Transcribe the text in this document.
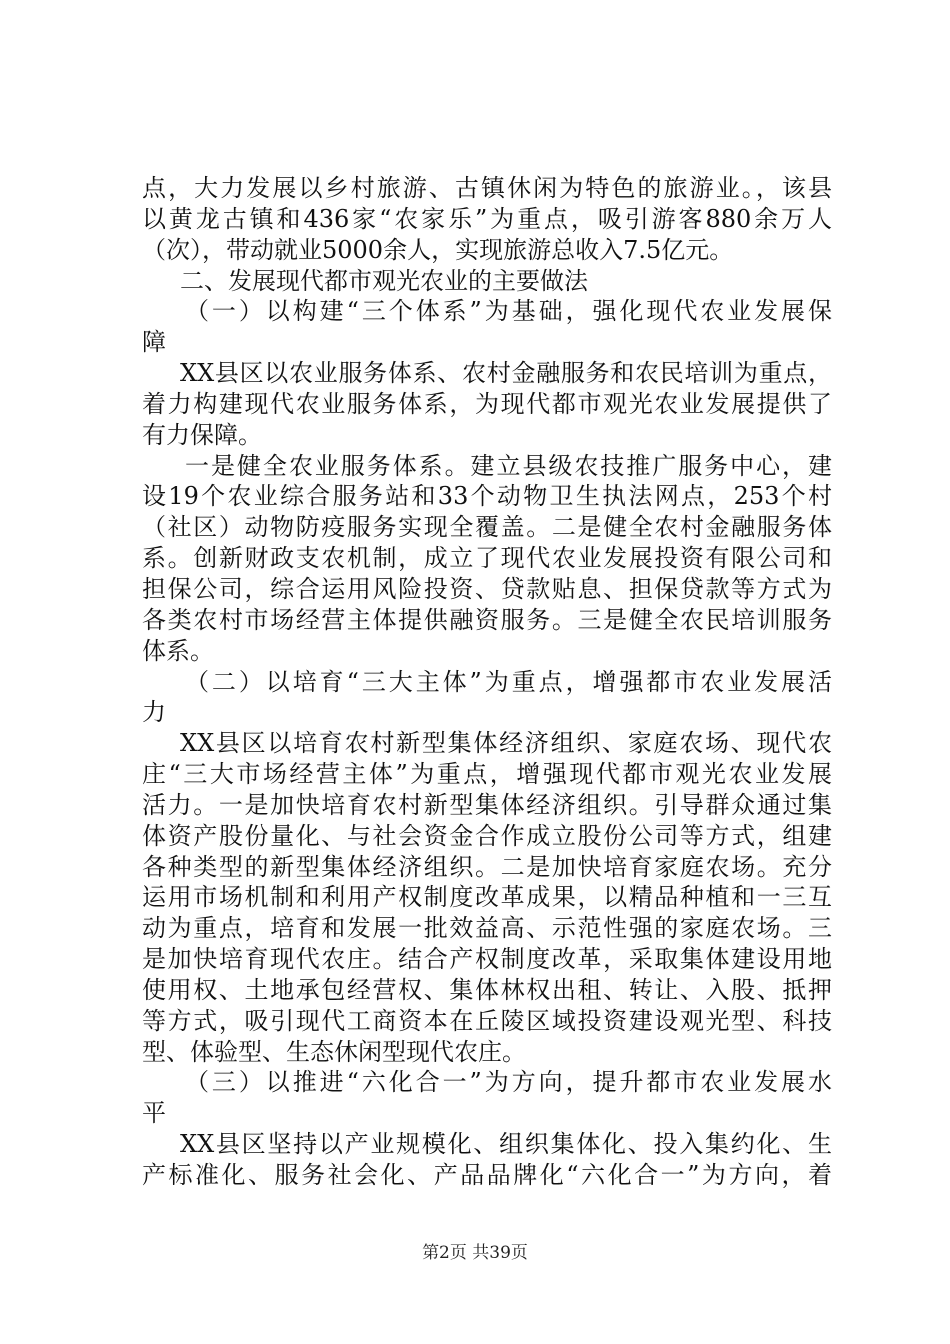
第2页 共39页
点，大力发展以乡村旅游、古镇休闲为特色的旅游业。，该县
以黄龙古镇和436家“农家乐”为重点，吸引游客880余万人
（次），带动就业5000余人，实现旅游总收入7.5亿元。
二、发展现代都市观光农业的主要做法
（一）以构建“三个体系”为基础，强化现代农业发展保
障
XX县区以农业服务体系、农村金融服务和农民培训为重点，
着力构建现代农业服务体系，为现代都市观光农业发展提供了
有力保障。
一是健全农业服务体系。建立县级农技推广服务中心，建
设19个农业综合服务站和33个动物卫生执法网点，253个村
（社区）动物防疫服务实现全覆盖。二是健全农村金融服务体
系。创新财政支农机制，成立了现代农业发展投资有限公司和
担保公司，综合运用风险投资、贷款贴息、担保贷款等方式为
各类农村市场经营主体提供融资服务。三是健全农民培训服务
体系。
（二）以培育“三大主体”为重点，增强都市农业发展活
力
XX县区以培育农村新型集体经济组织、家庭农场、现代农
庄“三大市场经营主体”为重点，增强现代都市观光农业发展
活力。一是加快培育农村新型集体经济组织。引导群众通过集
体资产股份量化、与社会资金合作成立股份公司等方式，组建
各种类型的新型集体经济组织。二是加快培育家庭农场。充分
运用市场机制和利用产权制度改革成果，以精品种植和一三互
动为重点，培育和发展一批效益高、示范性强的家庭农场。三
是加快培育现代农庄。结合产权制度改革，采取集体建设用地
使用权、土地承包经营权、集体林权出租、转让、入股、抵押
等方式，吸引现代工商资本在丘陵区域投资建设观光型、科技
型、体验型、生态休闲型现代农庄。
（三）以推进“六化合一”为方向，提升都市农业发展水
平
XX县区坚持以产业规模化、组织集体化、投入集约化、生
产标准化、服务社会化、产品品牌化“六化合一”为方向，着
